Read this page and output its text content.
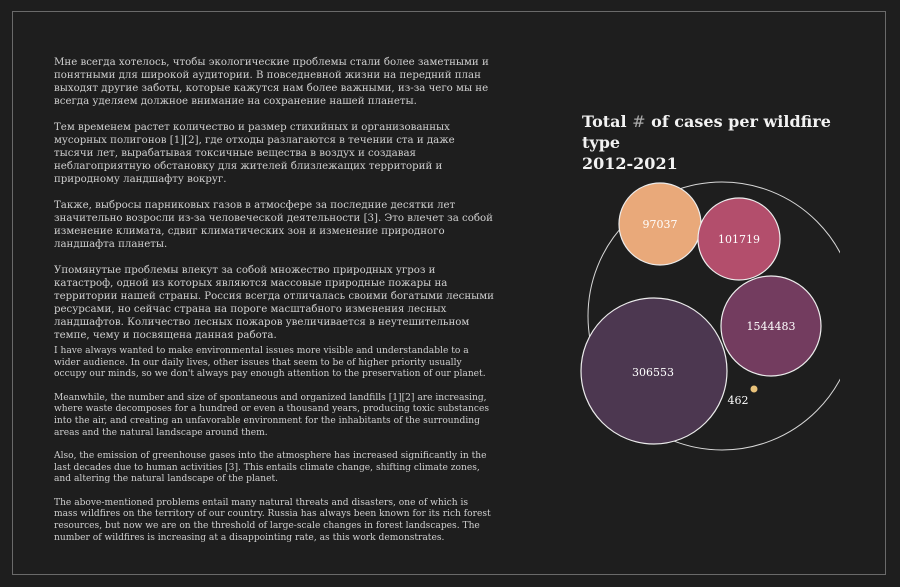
Мне всегда хотелось, чтобы экологические проблемы стали более заметными и понятными для широкой аудитории. В повседневной жизни на передний план выходят другие заботы, которые кажутся нам более важными, из-за чего мы не всегда уделяем должное внимание на сохранение нашей планеты.

Тем временем растет количество и размер стихийных и организованных мусорных полигонов [1][2], где отходы разлагаются в течении ста и даже тысячи лет, вырабатывая токсичные вещества в воздух и создавая неблагоприятную обстановку для жителей близлежащих территорий и природному ландшафту вокруг.

Также, выбросы парниковых газов в атмосфере за последние десятки лет значительно возросли из-за человеческой деятельности [3]. Это влечет за собой изменение климата, сдвиг климатических зон и изменение природного ландшафта планеты.

Упомянутые проблемы влекут за собой множество природных угроз и катастроф, одной из которых являются массовые природные пожары на территории нашей страны. Россия всегда отличалась своими богатыми лесными ресурсами, но сейчас страна на пороге масштабного изменения лесных ландшафтов. Количество лесных пожаров увеличивается в неутешительном темпе, чему и посвящена данная работа.

I have always wanted to make environmental issues more visible and understandable to a wider audience. In our daily lives, other issues that seem to be of higher priority usually occupy our minds, so we don't always pay enough attention to the preservation of our planet.

Meanwhile, the number and size of spontaneous and organized landfills [1][2] are increasing, where waste decomposes for a hundred or even a thousand years, producing toxic substances into the air, and creating an unfavorable environment for the inhabitants of the surrounding areas and the natural landscape around them.

Also, the emission of greenhouse gases into the atmosphere has increased significantly in the last decades due to human activities [3]. This entails climate change, shifting climate zones, and altering the natural landscape of the planet.

The above-mentioned problems entail many natural threats and disasters, one of which is mass wildfires on the territory of our country. Russia has always been known for its rich forest resources, but now we are on the threshold of large-scale changes in forest landscapes. The number of wildfires is increasing at a disappointing rate, as this work demonstrates.

Total # of cases per wildfire type
2012-2021
97037
101719
1544483
306553
462
